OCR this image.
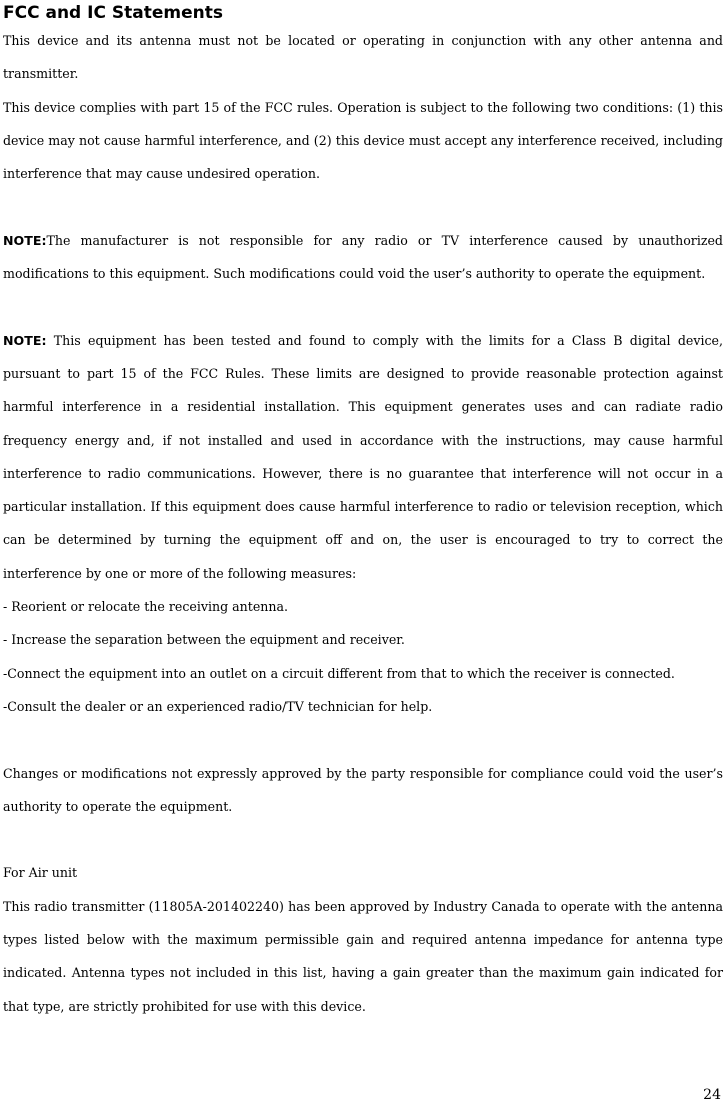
FCC and IC Statements

This device and its antenna must not be located or operating in conjunction with any other antenna and transmitter.

This device complies with part 15 of the FCC rules. Operation is subject to the following two conditions: (1) this device may not cause harmful interference, and (2) this device must accept any interference received, including interference that may cause undesired operation.

NOTE:The manufacturer is not responsible for any radio or TV interference caused by unauthorized modifications to this equipment. Such modifications could void the user’s authority to operate the equipment.

NOTE: This equipment has been tested and found to comply with the limits for a Class B digital device, pursuant to part 15 of the FCC Rules. These limits are designed to provide reasonable protection against harmful interference in a residential installation. This equipment generates uses and can radiate radio frequency energy and, if not installed and used in accordance with the instructions, may cause harmful interference to radio communications. However, there is no guarantee that interference will not occur in a particular installation. If this equipment does cause harmful interference to radio or television reception, which can be determined by turning the equipment off and on, the user is encouraged to try to correct the interference by one or more of the following measures:

- Reorient or relocate the receiving antenna.

- Increase the separation between the equipment and receiver.

-Connect the equipment into an outlet on a circuit different from that to which the receiver is connected.

-Consult the dealer or an experienced radio/TV technician for help.

Changes or modifications not expressly approved by the party responsible for compliance could void the user’s authority to operate the equipment.

For Air unit

This radio transmitter (11805A-201402240) has been approved by Industry Canada to operate with the antenna types listed below with the maximum permissible gain and required antenna impedance for antenna type indicated. Antenna types not included in this list, having a gain greater than the maximum gain indicated for that type, are strictly prohibited for use with this device.

24
